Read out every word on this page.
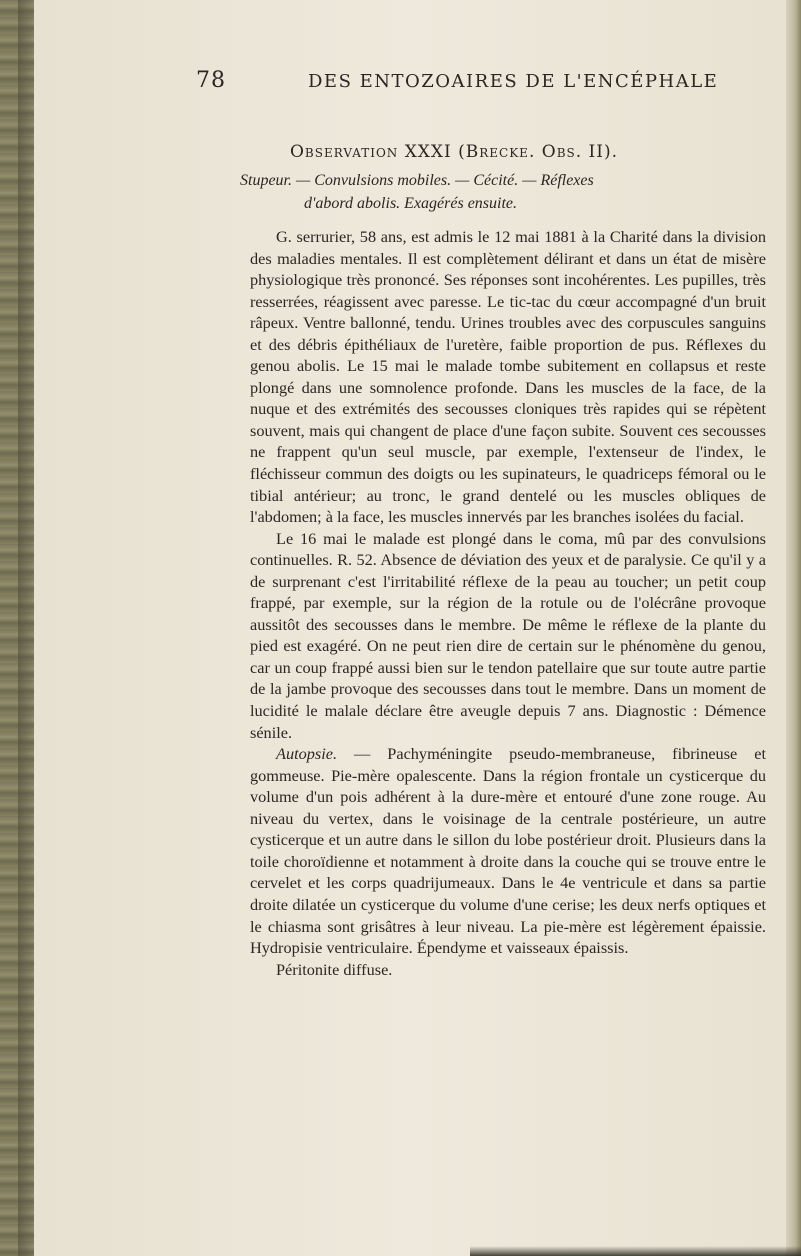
78	DES ENTOZOAIRES DE L'ENCÉPHALE
Observation XXXI (Brecke. Obs. II).
Stupeur. — Convulsions mobiles. — Cécité. — Réflexes
d'abord abolis. Exagérés ensuite.

G. serrurier, 58 ans, est admis le 12 mai 1881 à la Charité dans la division des maladies mentales. Il est complètement délirant et dans un état de misère physiologique très prononcé. Ses réponses sont incohérentes. Les pupilles, très resserrées, réagissent avec paresse. Le tic-tac du cœur accompagné d'un bruit râpeux. Ventre ballonné, tendu. Urines troubles avec des corpuscules sanguins et des débris épithéliaux de l'uretère, faible proportion de pus. Réflexes du genou abolis. Le 15 mai le malade tombe subitement en collapsus et reste plongé dans une somnolence profonde. Dans les muscles de la face, de la nuque et des extrémités des secousses cloniques très rapides qui se répètent souvent, mais qui changent de place d'une façon subite. Souvent ces secousses ne frappent qu'un seul muscle, par exemple, l'extenseur de l'index, le fléchisseur commun des doigts ou les supinateurs, le quadriceps fémoral ou le tibial antérieur; au tronc, le grand dentelé ou les muscles obliques de l'abdomen; à la face, les muscles innervés par les branches isolées du facial.

Le 16 mai le malade est plongé dans le coma, mû par des convulsions continuelles. R. 52. Absence de déviation des yeux et de paralysie. Ce qu'il y a de surprenant c'est l'irritabilité réflexe de la peau au toucher; un petit coup frappé, par exemple, sur la région de la rotule ou de l'olécrâne provoque aussitôt des secousses dans le membre. De même le réflexe de la plante du pied est exagéré. On ne peut rien dire de certain sur le phénomène du genou, car un coup frappé aussi bien sur le tendon patellaire que sur toute autre partie de la jambe provoque des secousses dans tout le membre. Dans un moment de lucidité le malale déclare être aveugle depuis 7 ans. Diagnostic : Démence sénile.

Autopsie. — Pachyméningite pseudo-membraneuse, fibrineuse et gommeuse. Pie-mère opalescente. Dans la région frontale un cysticerque du volume d'un pois adhérent à la dure-mère et entouré d'une zone rouge. Au niveau du vertex, dans le voisinage de la centrale postérieure, un autre cysticerque et un autre dans le sillon du lobe postérieur droit. Plusieurs dans la toile choroïdienne et notamment à droite dans la couche qui se trouve entre le cervelet et les corps quadrijumeaux. Dans le 4e ventricule et dans sa partie droite dilatée un cysticerque du volume d'une cerise; les deux nerfs optiques et le chiasma sont grisâtres à leur niveau. La pie-mère est légèrement épaissie. Hydropisie ventriculaire. Épendyme et vaisseaux épaissis.

Péritonite diffuse.
